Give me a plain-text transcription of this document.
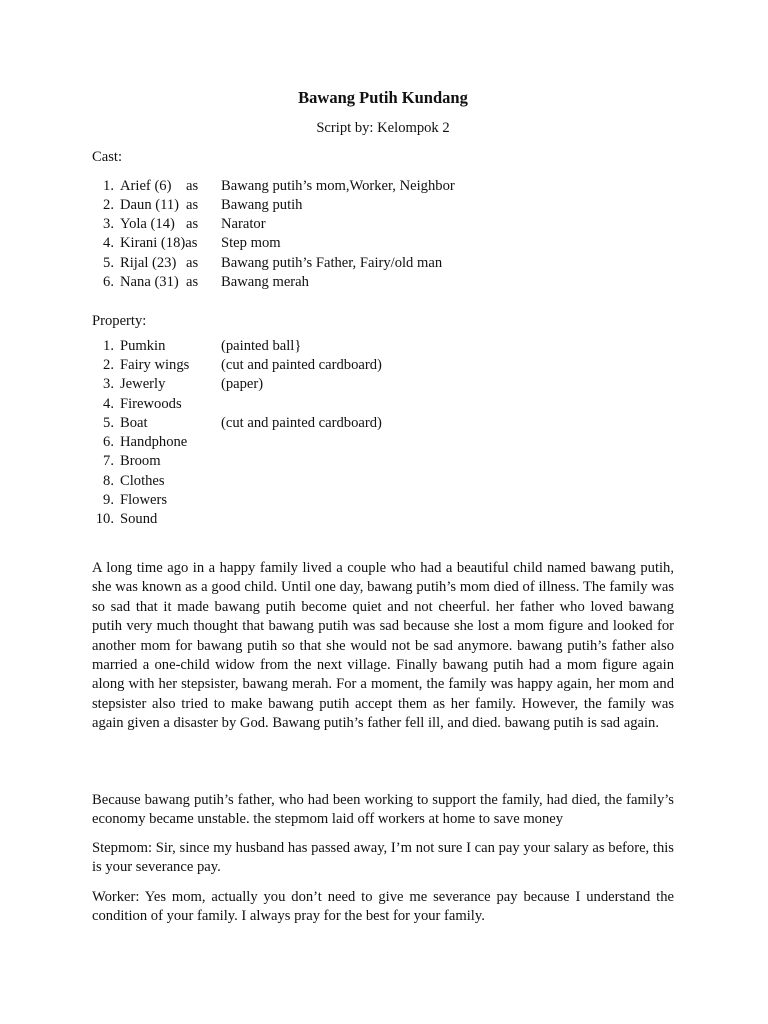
Bawang Putih Kundang
Script by: Kelompok 2
Cast:
1. Arief (6) as Bawang putih’s mom,Worker, Neighbor
2. Daun (11) as Bawang putih
3. Yola (14) as Narator
4. Kirani (18)as Step mom
5. Rijal (23) as Bawang putih’s Father, Fairy/old man
6. Nana (31) as Bawang merah
Property:
1. Pumkin	(painted ball}
2. Fairy wings (cut and painted cardboard)
3. Jewerly	(paper)
4. Firewoods
5. Boat	(cut and painted cardboard)
6. Handphone
7. Broom
8. Clothes
9. Flowers
10. Sound
A long time ago in a happy family lived a couple who had a beautiful child named bawang putih, she was known as a good child. Until one day, bawang putih’s mom died of illness. The family was so sad that it made bawang putih become quiet and not cheerful. her father who loved bawang putih very much thought that bawang putih was sad because she lost a mom figure and looked for another mom for bawang putih so that she would not be sad anymore. bawang putih’s father also married a one-child widow from the next village. Finally bawang putih had a mom figure again along with her stepsister, bawang merah. For a moment, the family was happy again, her mom and stepsister also tried to make bawang putih accept them as her family. However, the family was again given a disaster by God. Bawang putih’s father fell ill, and died. bawang putih is sad again.
Because bawang putih’s father, who had been working to support the family, had died, the family’s economy became unstable. the stepmom laid off workers at home to save money
Stepmom: Sir, since my husband has passed away, I’m not sure I can pay your salary as before, this is your severance pay.
Worker: Yes mom, actually you don’t need to give me severance pay because I understand the condition of your family. I always pray for the best for your family.
